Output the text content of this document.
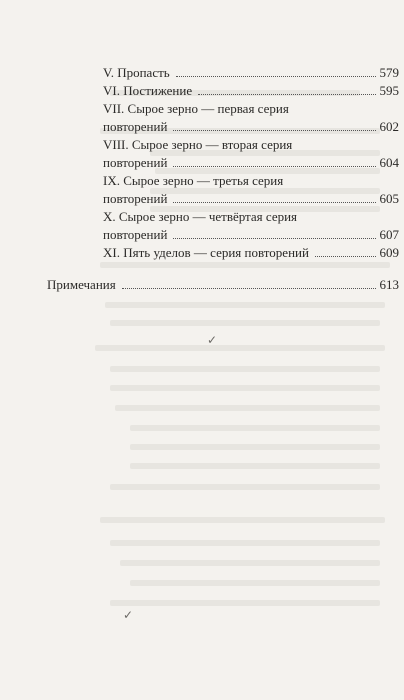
V. Пропасть	579
VI. Постижение	595
VII. Сырое зерно — первая серия
повторений	602
VIII. Сырое зерно — вторая серия
повторений	604
IX. Сырое зерно — третья серия
повторений	605
X. Сырое зерно — четвёртая серия
повторений	607
XI. Пять уделов — серия повторений	609
Примечания	613
✓
✓
